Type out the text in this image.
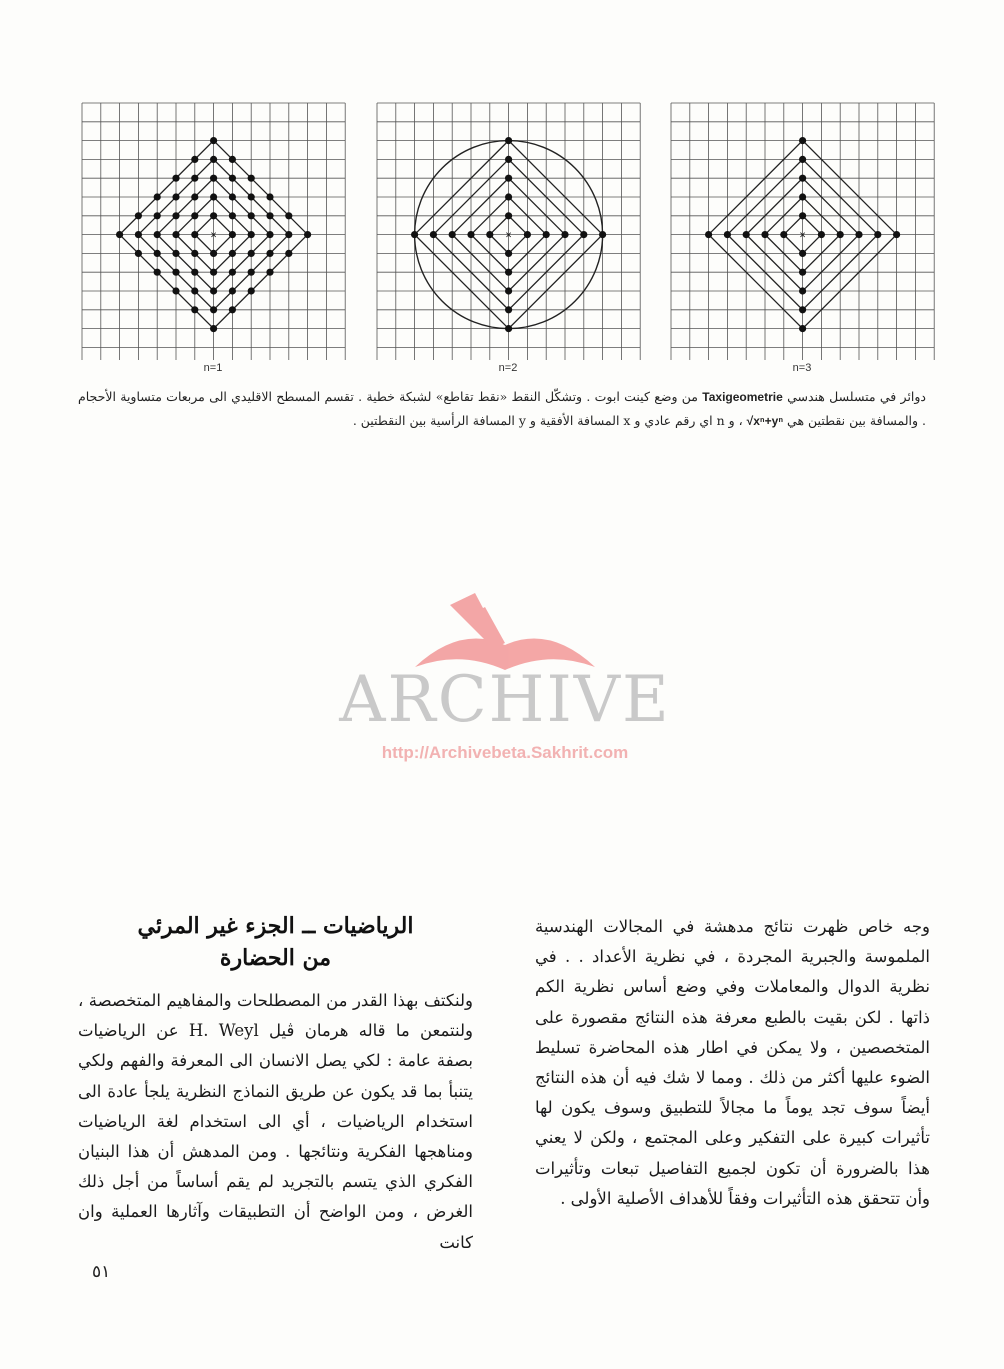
×
n=1
×
n=2
×
n=3
دوائر في متسلسل هندسي Taxigeometrie من وضع كينت ابوت . وتشكّل النقط «نقط تقاطع» لشبكة خطية . تقسم المسطح الاقليدي الى مربعات متساوية الأحجام . والمسافة بين نقطتين هي √xⁿ+yⁿ ، و n اي رقم عادي و x المسافة الأفقية و y المسافة الرأسية بين النقطتين .
ARCHIVE
http://Archivebeta.Sakhrit.com

وجه خاص ظهرت نتائج مدهشة في المجالات الهندسية الملموسة والجبرية المجردة ، في نظرية الأعداد . . في نظرية الدوال والمعاملات وفي وضع أساس نظرية الكم ذاتها . لكن بقيت بالطبع معرفة هذه النتائج مقصورة على المتخصصين ، ولا يمكن في اطار هذه المحاضرة تسليط الضوء عليها أكثر من ذلك . ومما لا شك فيه أن هذه النتائج أيضاً سوف تجد يوماً ما مجالاً للتطبيق وسوف يكون لها تأثيرات كبيرة على التفكير وعلى المجتمع ، ولكن لا يعني هذا بالضرورة أن تكون لجميع التفاصيل تبعات وتأثيرات وأن تتحقق هذه التأثيرات وفقاً للأهداف الأصلية الأولى .

الرياضيات ــ الجزء غير المرئي
من الحضارة

ولنكتف بهذا القدر من المصطلحات والمفاهيم المتخصصة ، ولنتمعن ما قاله هرمان ڤيل H. Weyl عن الرياضيات بصفة عامة : لكي يصل الانسان الى المعرفة والفهم ولكي يتنبأ بما قد يكون عن طريق النماذج النظرية يلجأ عادة الى استخدام الرياضيات ، أي الى استخدام لغة الرياضيات ومناهجها الفكرية ونتائجها . ومن المدهش أن هذا البنيان الفكري الذي يتسم بالتجريد لم يقم أساساً من أجل ذلك الغرض ، ومن الواضح أن التطبيقات وآثارها العملية وان كانت

٥١
